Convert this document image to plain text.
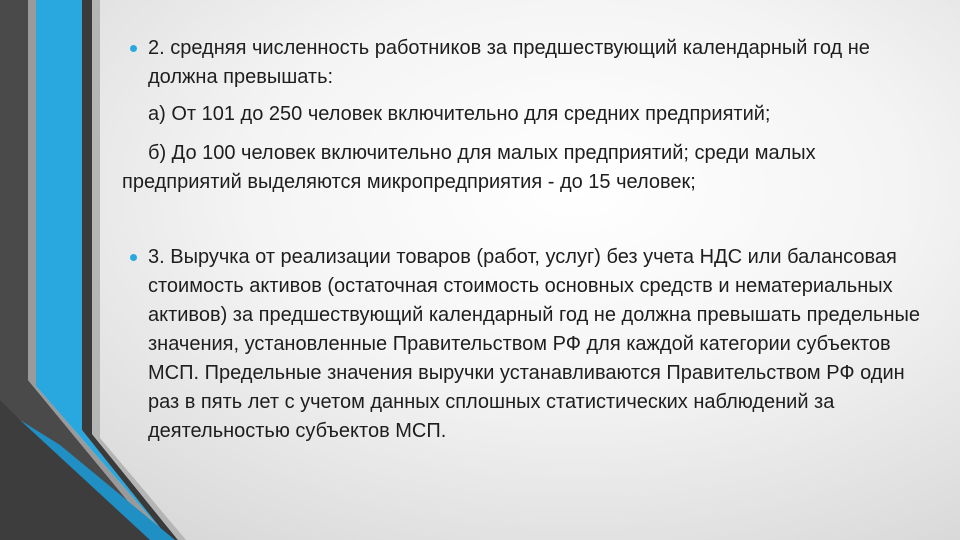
2. средняя численность работников за предшествующий календарный год не должна превышать:

а) От 101 до 250 человек включительно для средних предприятий;

б) До 100 человек включительно для малых предприятий; среди малых предприятий выделяются микропредприятия - до 15 человек;

3. Выручка от реализации товаров (работ, услуг) без учета НДС или балансовая стоимость активов (остаточная стоимость основных средств и нематериальных активов) за предшествующий календарный год не должна превышать предельные значения, установленные Правительством РФ для каждой категории субъектов МСП. Предельные значения выручки устанавливаются Правительством РФ один раз в пять лет с учетом данных сплошных статистических наблюдений за деятельностью субъектов МСП.
